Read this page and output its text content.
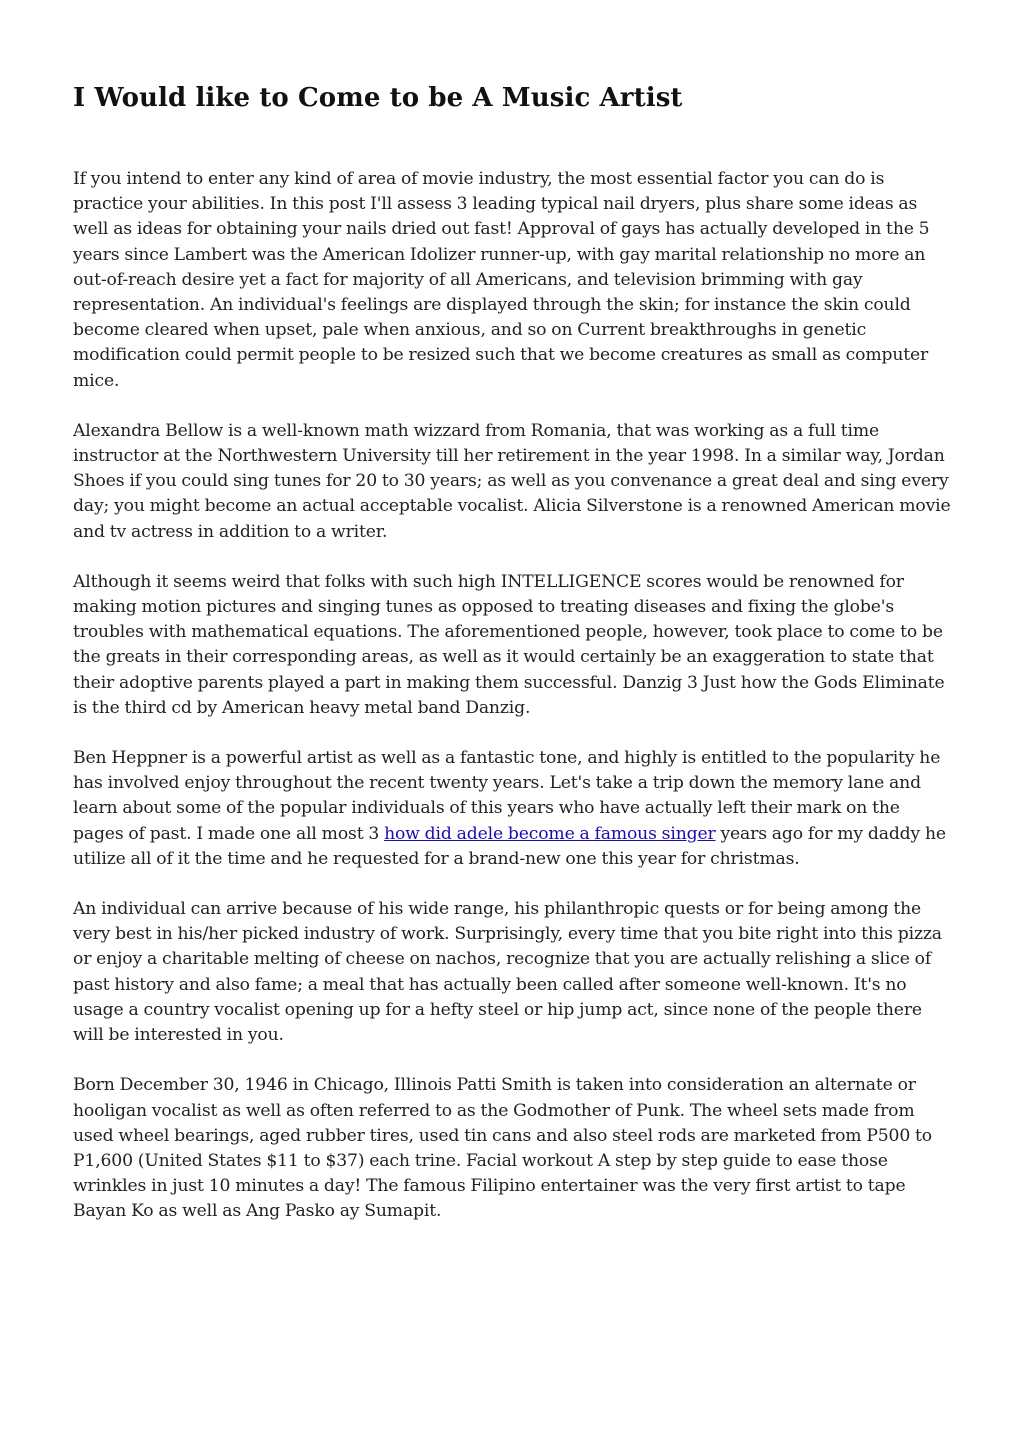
I Would like to Come to be A Music Artist

If you intend to enter any kind of area of movie industry, the most essential factor you can do is practice your abilities. In this post I'll assess 3 leading typical nail dryers, plus share some ideas as well as ideas for obtaining your nails dried out fast! Approval of gays has actually developed in the 5 years since Lambert was the American Idolizer runner-up, with gay marital relationship no more an out-of-reach desire yet a fact for majority of all Americans, and television brimming with gay representation. An individual's feelings are displayed through the skin; for instance the skin could become cleared when upset, pale when anxious, and so on Current breakthroughs in genetic modification could permit people to be resized such that we become creatures as small as computer mice.

Alexandra Bellow is a well-known math wizzard from Romania, that was working as a full time instructor at the Northwestern University till her retirement in the year 1998. In a similar way, Jordan Shoes if you could sing tunes for 20 to 30 years; as well as you convenance a great deal and sing every day; you might become an actual acceptable vocalist. Alicia Silverstone is a renowned American movie and tv actress in addition to a writer.

Although it seems weird that folks with such high INTELLIGENCE scores would be renowned for making motion pictures and singing tunes as opposed to treating diseases and fixing the globe's troubles with mathematical equations. The aforementioned people, however, took place to come to be the greats in their corresponding areas, as well as it would certainly be an exaggeration to state that their adoptive parents played a part in making them successful. Danzig 3 Just how the Gods Eliminate is the third cd by American heavy metal band Danzig.

Ben Heppner is a powerful artist as well as a fantastic tone, and highly is entitled to the popularity he has involved enjoy throughout the recent twenty years. Let's take a trip down the memory lane and learn about some of the popular individuals of this years who have actually left their mark on the pages of past. I made one all most 3 how did adele become a famous singer years ago for my daddy he utilize all of it the time and he requested for a brand-new one this year for christmas.

An individual can arrive because of his wide range, his philanthropic quests or for being among the very best in his/her picked industry of work. Surprisingly, every time that you bite right into this pizza or enjoy a charitable melting of cheese on nachos, recognize that you are actually relishing a slice of past history and also fame; a meal that has actually been called after someone well-known. It's no usage a country vocalist opening up for a hefty steel or hip jump act, since none of the people there will be interested in you.

Born December 30, 1946 in Chicago, Illinois Patti Smith is taken into consideration an alternate or hooligan vocalist as well as often referred to as the Godmother of Punk. The wheel sets made from used wheel bearings, aged rubber tires, used tin cans and also steel rods are marketed from P500 to P1,600 (United States $11 to $37) each trine. Facial workout A step by step guide to ease those wrinkles in just 10 minutes a day! The famous Filipino entertainer was the very first artist to tape Bayan Ko as well as Ang Pasko ay Sumapit.
